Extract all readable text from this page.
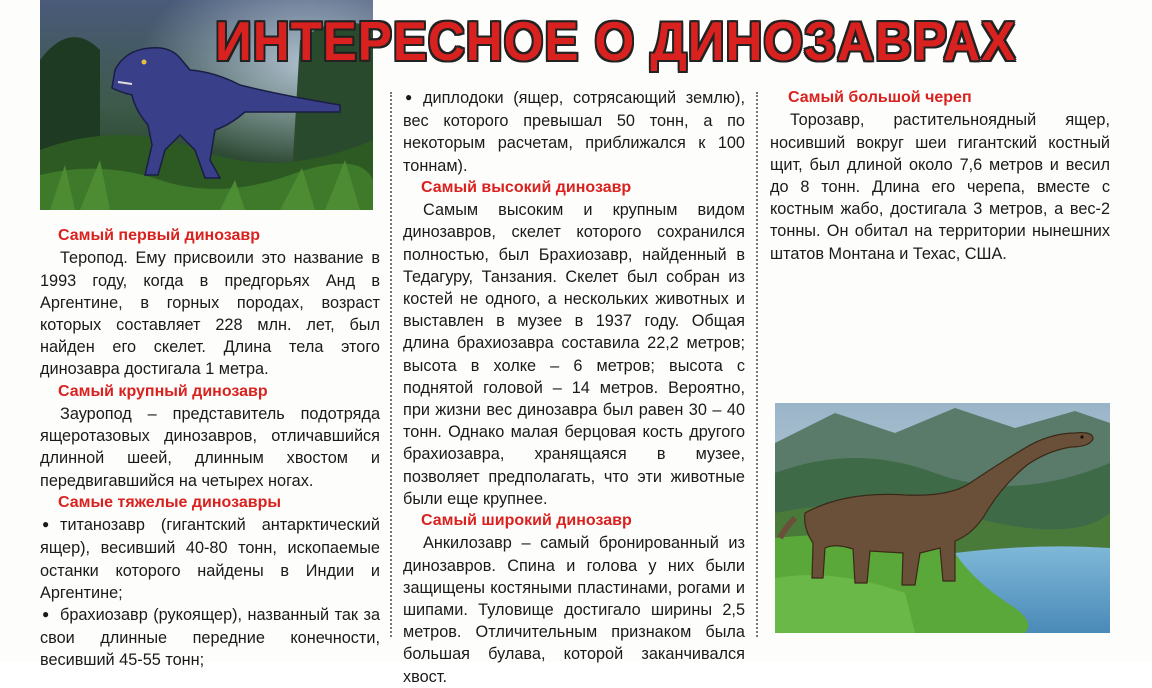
ИНТЕРЕСНОЕ О ДИНОЗАВРАХ
Самый первый динозавр

Теропод. Ему присвоили это название в 1993 году, когда в предгорьях Анд в Аргентине, в горных породах, возраст которых составляет 228 млн. лет, был найден его скелет. Длина тела этого динозавра достигала 1 метра.

Самый крупный динозавр

Зауропод – представитель подотряда ящеротазовых динозавров, отличавшийся длинной шеей, длинным хвостом и передвигавшийся на четырех ногах.

Самые тяжелые динозавры

●титанозавр (гигантский антарктический ящер), весивший 40-80 тонн, ископаемые останки которого найдены в Индии и Аргентине;

●брахиозавр (рукоящер), названный так за свои длинные передние конечности, весивший 45-55 тонн;

●диплодоки (ящер, сотрясающий землю), вес которого превышал 50 тонн, а по некоторым расчетам, приближался к 100 тоннам).

Самый высокий динозавр

Самым высоким и крупным видом динозавров, скелет которого сохранился полностью, был Брахиозавр, найденный в Тедагуру, Танзания. Скелет был собран из костей не одного, а нескольких животных и выставлен в музее в 1937 году. Общая длина брахиозавра составила 22,2 метров; высота в холке – 6 метров; высота с поднятой головой – 14 метров. Вероятно, при жизни вес динозавра был равен 30 – 40 тонн. Однако малая берцовая кость другого брахиозавра, хранящаяся в музее, позволяет предполагать, что эти животные были еще крупнее.

Самый широкий динозавр

Анкилозавр – самый бронированный из динозавров. Спина и голова у них были защищены костяными пластинами, рогами и шипами. Туловище достигало ширины 2,5 метров. Отличительным признаком была большая булава, которой заканчивался хвост.

Самый большой череп

Торозавр, растительноядный ящер, носивший вокруг шеи гигантский костный щит, был длиной около 7,6 метров и весил до 8 тонн. Длина его черепа, вместе с костным жабо, достигала 3 метров, а вес-2 тонны. Он обитал на территории нынешних штатов Монтана и Техас, США.
